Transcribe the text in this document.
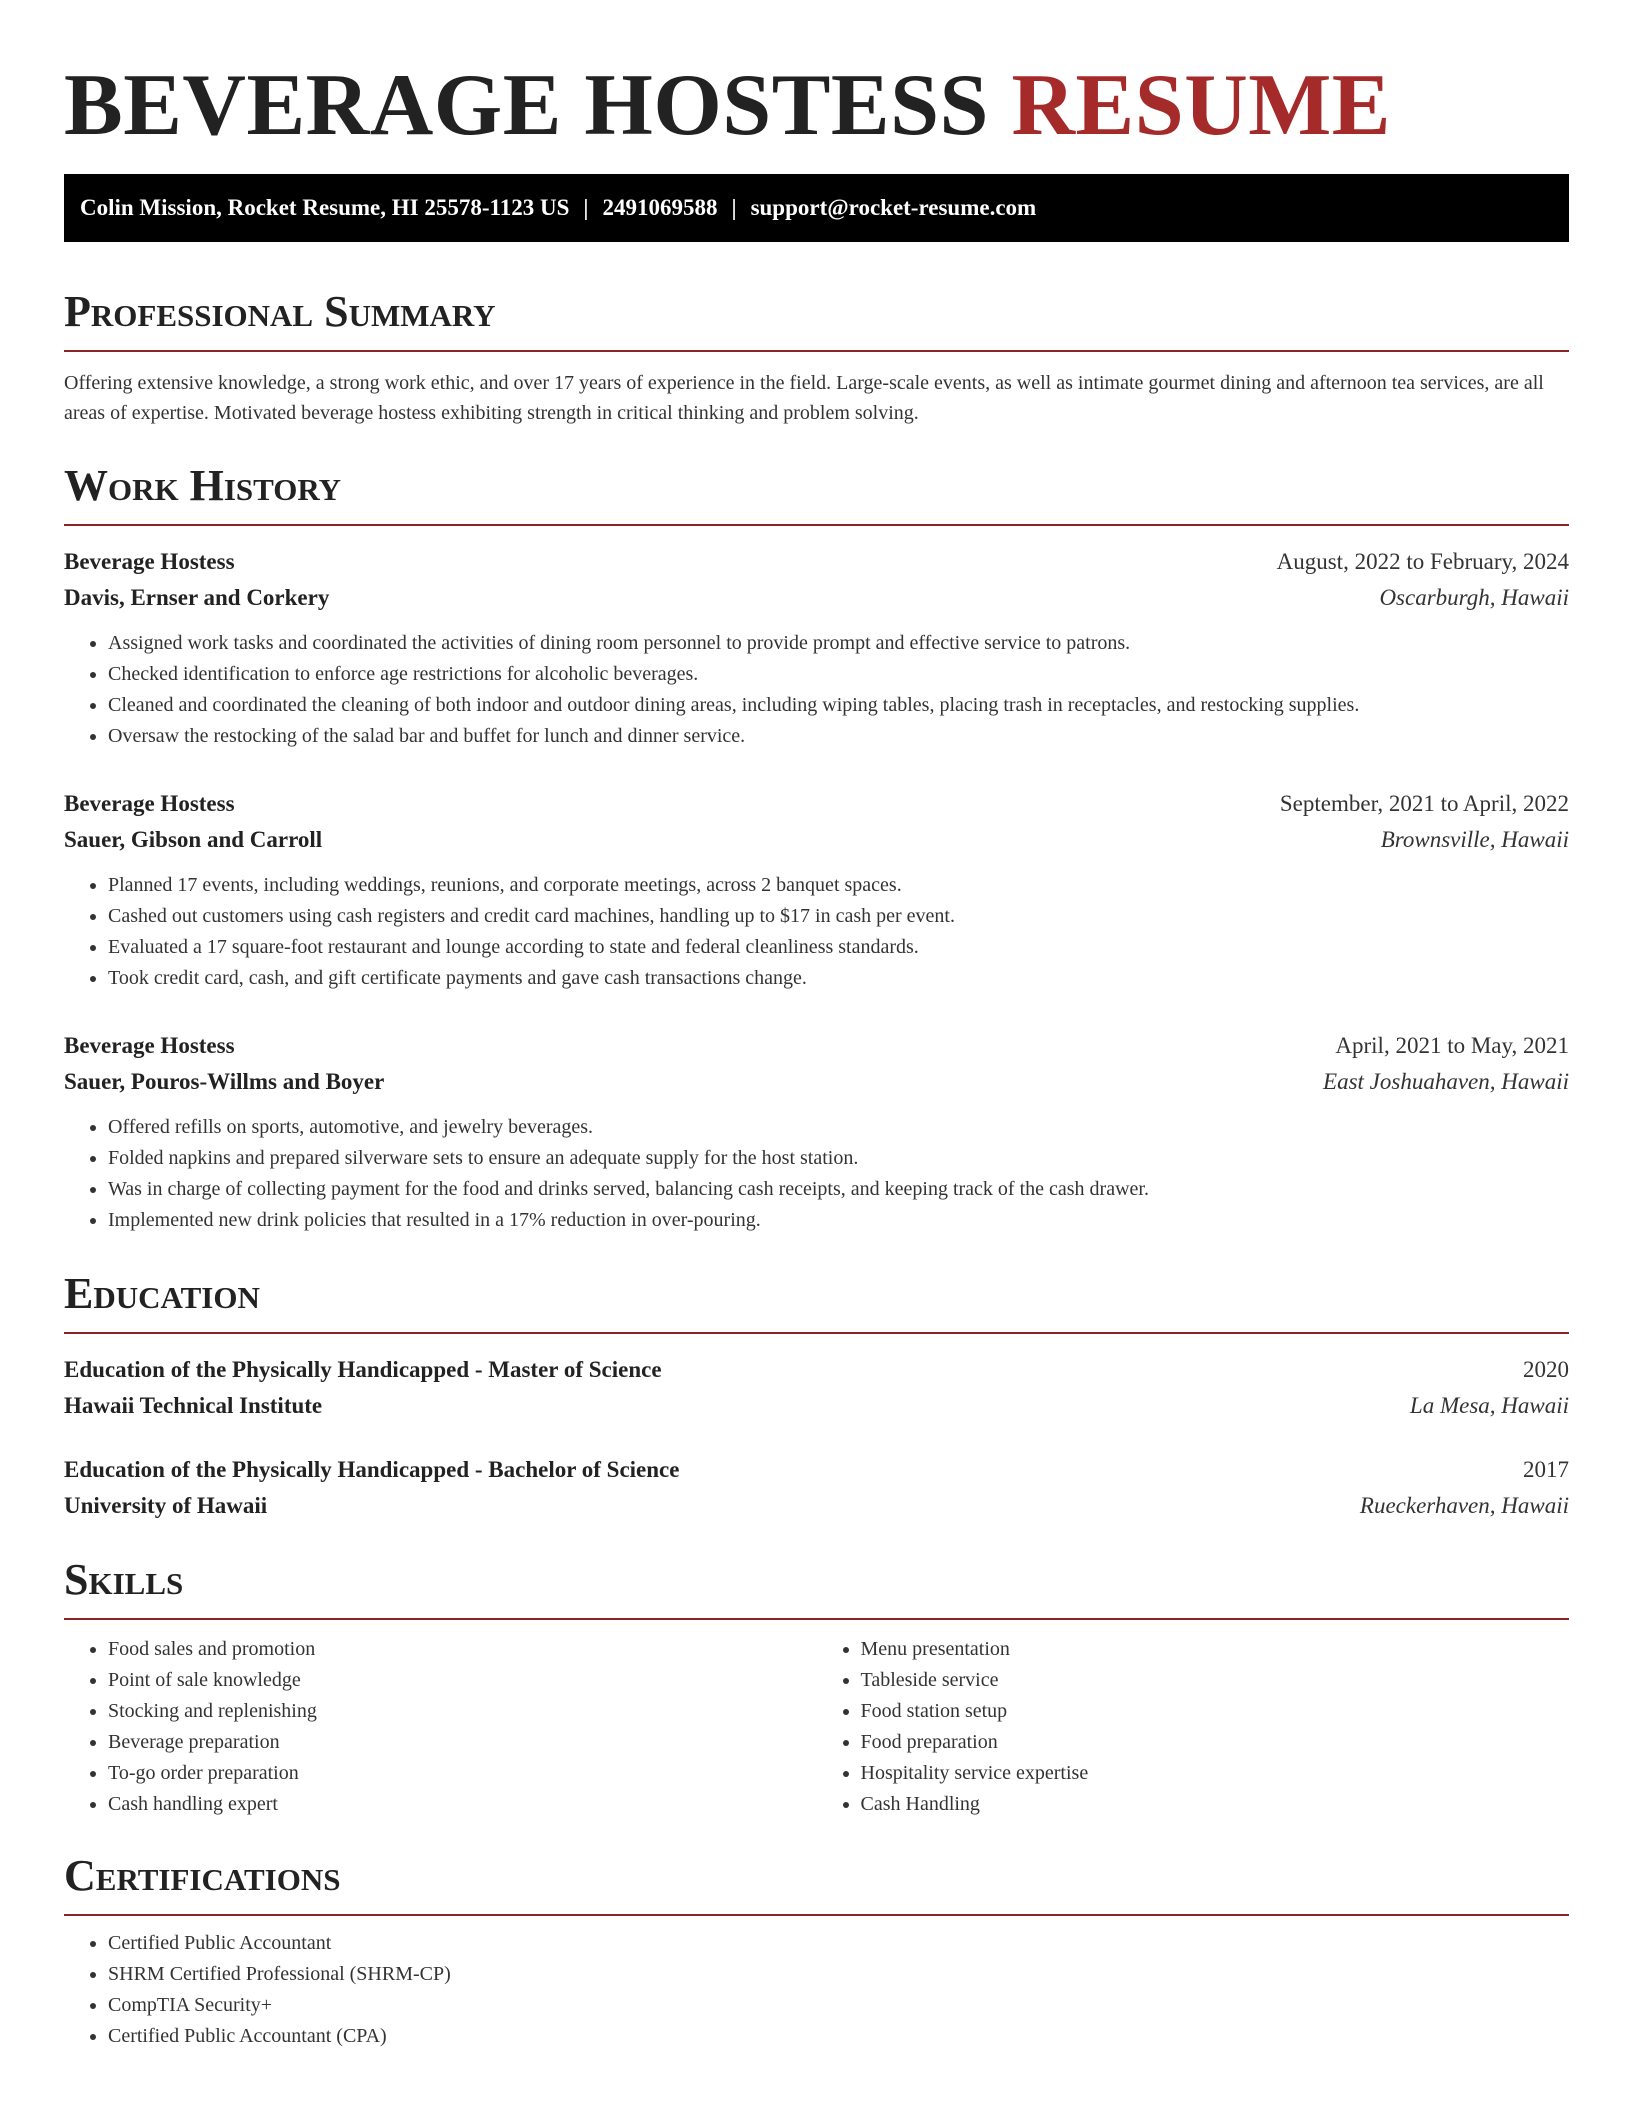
BEVERAGE HOSTESS RESUME
Colin Mission, Rocket Resume, HI 25578-1123 US | 2491069588 | support@rocket-resume.com
Professional Summary

Offering extensive knowledge, a strong work ethic, and over 17 years of experience in the field. Large-scale events, as well as intimate gourmet dining and afternoon tea services, are all areas of expertise. Motivated beverage hostess exhibiting strength in critical thinking and problem solving.

Work History
Beverage Hostess	August, 2022 to February, 2024
Davis, Ernser and Corkery	Oscarburgh, Hawaii
• Assigned work tasks and coordinated the activities of dining room personnel to provide prompt and effective service to patrons.
• Checked identification to enforce age restrictions for alcoholic beverages.
• Cleaned and coordinated the cleaning of both indoor and outdoor dining areas, including wiping tables, placing trash in receptacles, and restocking supplies.
• Oversaw the restocking of the salad bar and buffet for lunch and dinner service.
Beverage Hostess	September, 2021 to April, 2022
Sauer, Gibson and Carroll	Brownsville, Hawaii
• Planned 17 events, including weddings, reunions, and corporate meetings, across 2 banquet spaces.
• Cashed out customers using cash registers and credit card machines, handling up to $17 in cash per event.
• Evaluated a 17 square-foot restaurant and lounge according to state and federal cleanliness standards.
• Took credit card, cash, and gift certificate payments and gave cash transactions change.
Beverage Hostess	April, 2021 to May, 2021
Sauer, Pouros-Willms and Boyer	East Joshuahaven, Hawaii
• Offered refills on sports, automotive, and jewelry beverages.
• Folded napkins and prepared silverware sets to ensure an adequate supply for the host station.
• Was in charge of collecting payment for the food and drinks served, balancing cash receipts, and keeping track of the cash drawer.
• Implemented new drink policies that resulted in a 17% reduction in over-pouring.
Education
Education of the Physically Handicapped - Master of Science	2020
Hawaii Technical Institute	La Mesa, Hawaii
Education of the Physically Handicapped - Bachelor of Science	2017
University of Hawaii	Rueckerhaven, Hawaii
Skills
• Food sales and promotion
• Point of sale knowledge
• Stocking and replenishing
• Beverage preparation
• To-go order preparation
• Cash handling expert
• Menu presentation
• Tableside service
• Food station setup
• Food preparation
• Hospitality service expertise
• Cash Handling
Certifications
• Certified Public Accountant
• SHRM Certified Professional (SHRM-CP)
• CompTIA Security+
• Certified Public Accountant (CPA)
